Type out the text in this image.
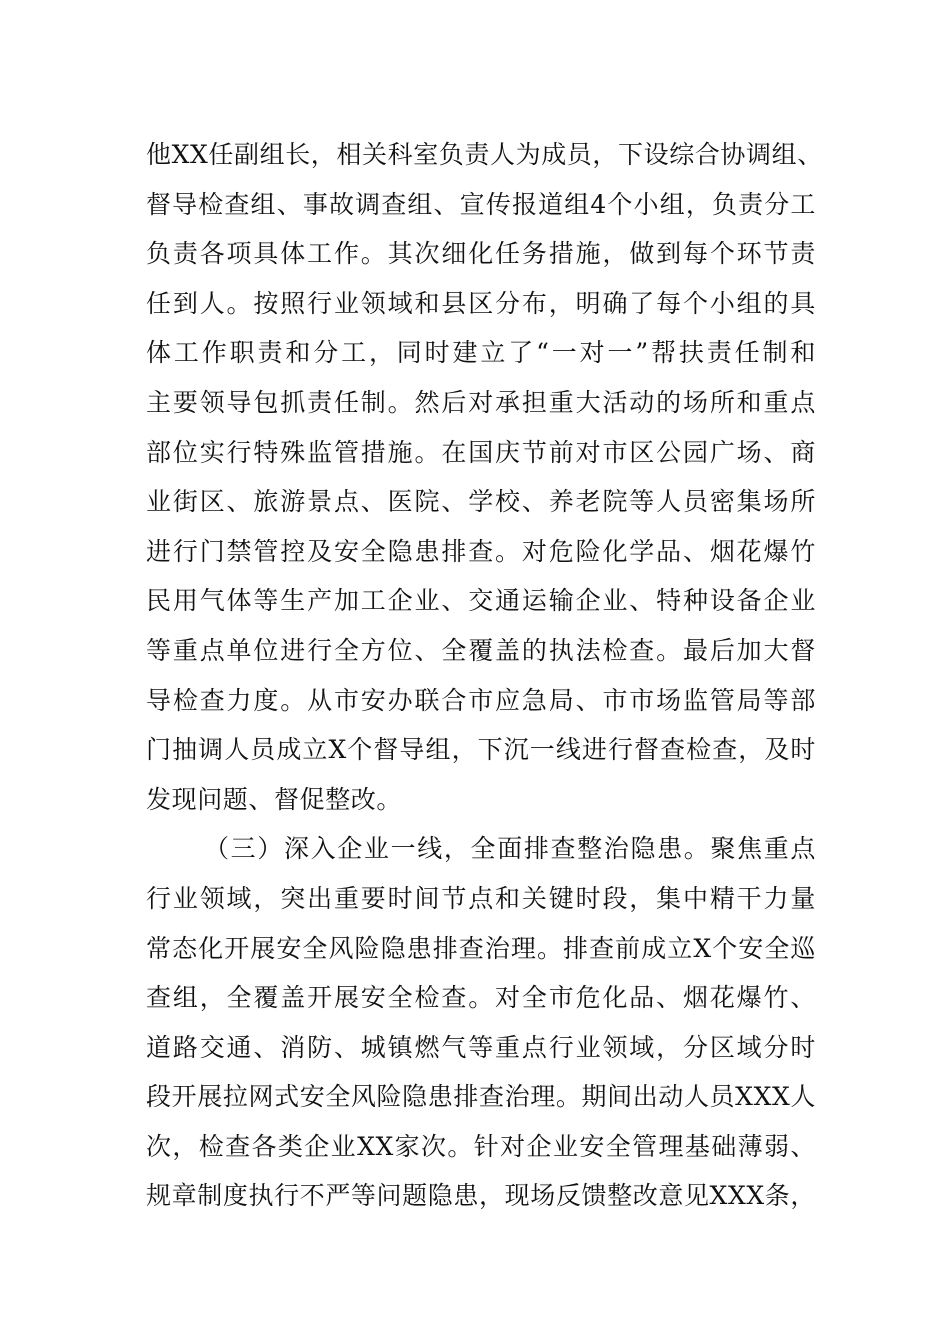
他XX任副组长，相关科室负责人为成员，下设综合协调组、
督导检查组、事故调查组、宣传报道组4个小组，负责分工
负责各项具体工作。其次细化任务措施，做到每个环节责
任到人。按照行业领域和县区分布，明确了每个小组的具
体工作职责和分工，同时建立了“一对一”帮扶责任制和
主要领导包抓责任制。然后对承担重大活动的场所和重点
部位实行特殊监管措施。在国庆节前对市区公园广场、商
业街区、旅游景点、医院、学校、养老院等人员密集场所
进行门禁管控及安全隐患排查。对危险化学品、烟花爆竹
民用气体等生产加工企业、交通运输企业、特种设备企业
等重点单位进行全方位、全覆盖的执法检查。最后加大督
导检查力度。从市安办联合市应急局、市市场监管局等部
门抽调人员成立X个督导组，下沉一线进行督查检查，及时
发现问题、督促整改。
（三）深入企业一线，全面排查整治隐患。聚焦重点
行业领域，突出重要时间节点和关键时段，集中精干力量
常态化开展安全风险隐患排查治理。排查前成立X个安全巡
查组，全覆盖开展安全检查。对全市危化品、烟花爆竹、
道路交通、消防、城镇燃气等重点行业领域，分区域分时
段开展拉网式安全风险隐患排查治理。期间出动人员XXX人
次，检查各类企业XX家次。针对企业安全管理基础薄弱、
规章制度执行不严等问题隐患，现场反馈整改意见XXX条，
